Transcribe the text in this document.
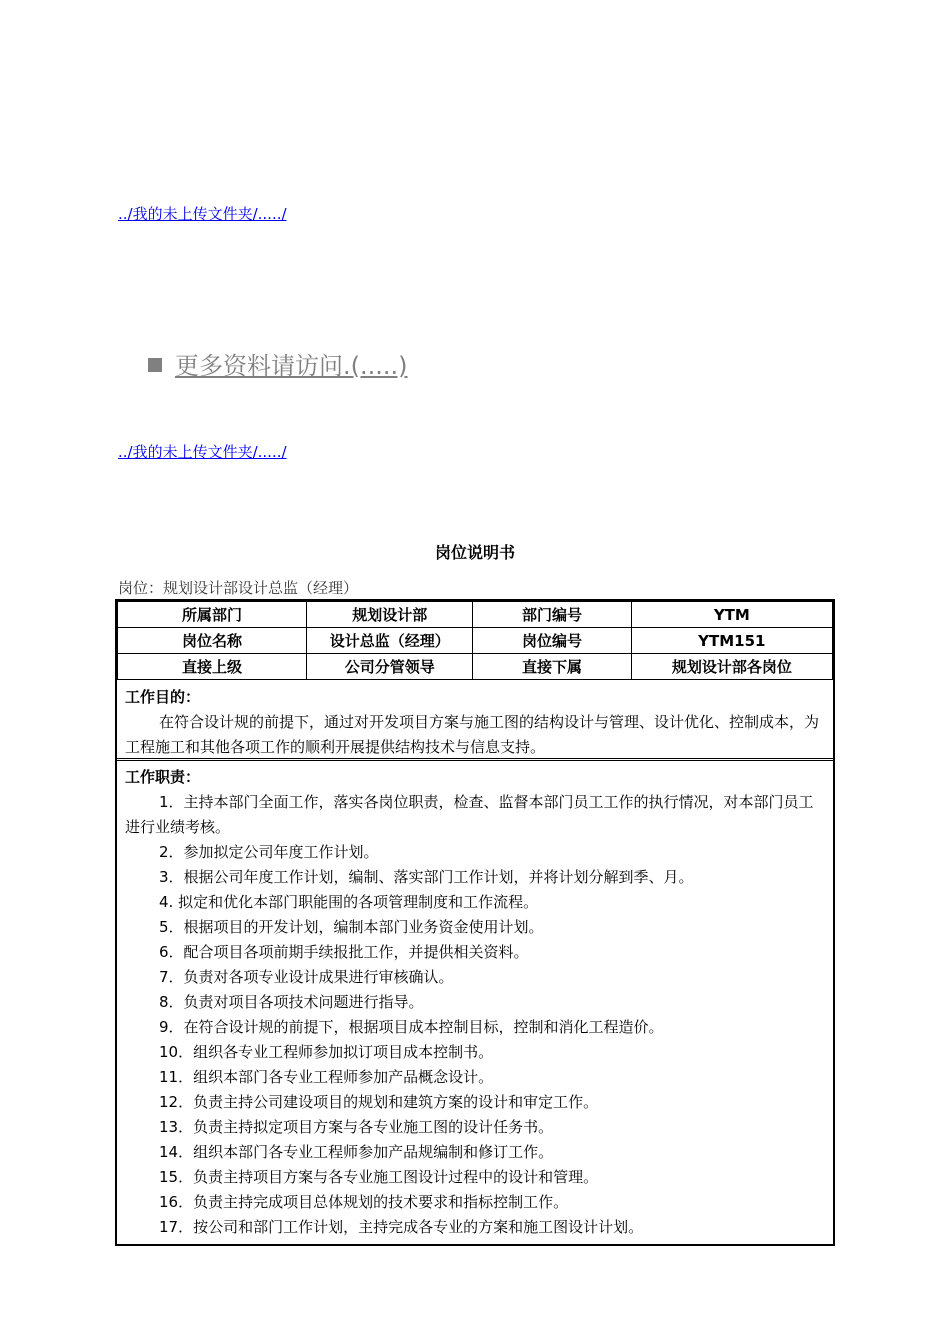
../我的未上传文件夹/...../
更多资料请访问.(.....)
../我的未上传文件夹/...../
岗位说明书
岗位：规划设计部设计总监（经理）
所属部门	规划设计部	部门编号	YTM
岗位名称	设计总监（经理）	岗位编号	YTM151
直接上级	公司分管领导	直接下属	规划设计部各岗位
工作目的：
在符合设计规的前提下，通过对开发项目方案与施工图的结构设计与管理、设计优化、控制成本，为工程施工和其他各项工作的顺利开展提供结构技术与信息支持。
工作职责：
1．主持本部门全面工作，落实各岗位职责，检查、监督本部门员工工作的执行情况，对本部门员工进行业绩考核。
2．参加拟定公司年度工作计划。
3．根据公司年度工作计划，编制、落实部门工作计划，并将计划分解到季、月。
4. 拟定和优化本部门职能围的各项管理制度和工作流程。
5．根据项目的开发计划，编制本部门业务资金使用计划。
6．配合项目各项前期手续报批工作，并提供相关资料。
7．负责对各项专业设计成果进行审核确认。
8．负责对项目各项技术问题进行指导。
9．在符合设计规的前提下，根据项目成本控制目标，控制和消化工程造价。
10．组织各专业工程师参加拟订项目成本控制书。
11．组织本部门各专业工程师参加产品概念设计。
12．负责主持公司建设项目的规划和建筑方案的设计和审定工作。
13．负责主持拟定项目方案与各专业施工图的设计任务书。
14．组织本部门各专业工程师参加产品规编制和修订工作。
15．负责主持项目方案与各专业施工图设计过程中的设计和管理。
16．负责主持完成项目总体规划的技术要求和指标控制工作。
17．按公司和部门工作计划，主持完成各专业的方案和施工图设计计划。
